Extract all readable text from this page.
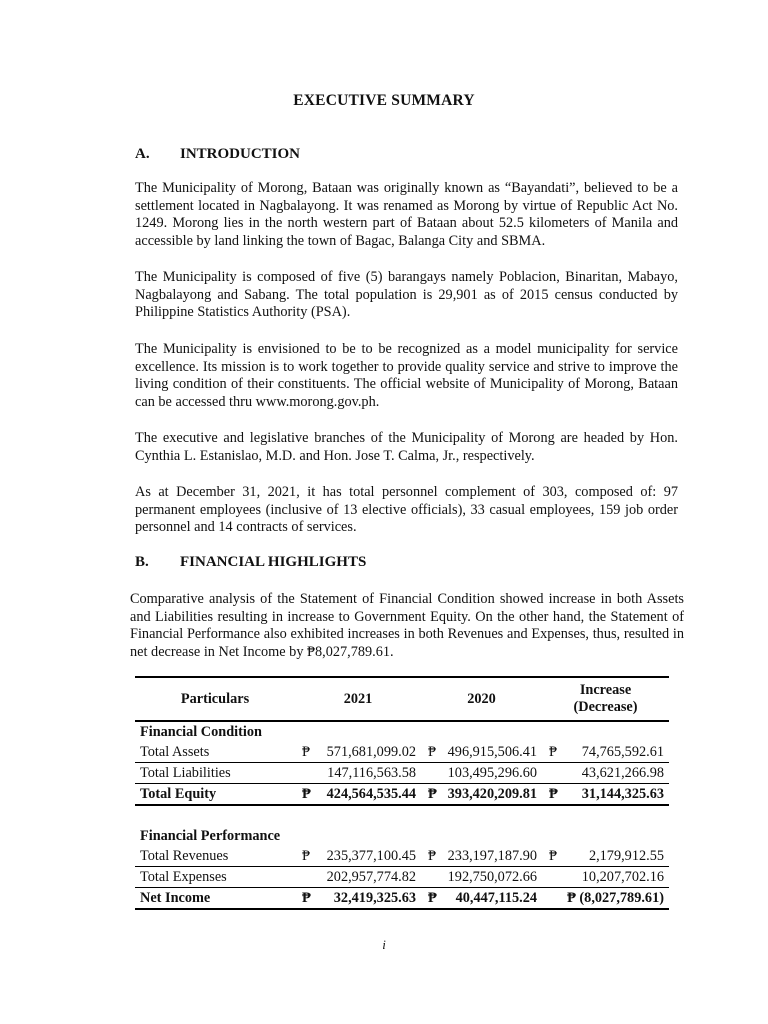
EXECUTIVE SUMMARY
A. INTRODUCTION

The Municipality of Morong, Bataan was originally known as “Bayandati”, believed to be a settlement located in Nagbalayong. It was renamed as Morong by virtue of Republic Act No. 1249. Morong lies in the north western part of Bataan about 52.5 kilometers of Manila and accessible by land linking the town of Bagac, Balanga City and SBMA.

The Municipality is composed of five (5) barangays namely Poblacion, Binaritan, Mabayo, Nagbalayong and Sabang. The total population is 29,901 as of 2015 census conducted by Philippine Statistics Authority (PSA).

The Municipality is envisioned to be to be recognized as a model municipality for service excellence. Its mission is to work together to provide quality service and strive to improve the living condition of their constituents. The official website of Municipality of Morong, Bataan can be accessed thru www.morong.gov.ph.

The executive and legislative branches of the Municipality of Morong are headed by Hon. Cynthia L. Estanislao, M.D. and Hon. Jose T. Calma, Jr., respectively.

As at December 31, 2021, it has total personnel complement of 303, composed of: 97 permanent employees (inclusive of 13 elective officials), 33 casual employees, 159 job order personnel and 14 contracts of services.

B. FINANCIAL HIGHLIGHTS

Comparative analysis of the Statement of Financial Condition showed increase in both Assets and Liabilities resulting in increase to Government Equity. On the other hand, the Statement of Financial Performance also exhibited increases in both Revenues and Expenses, thus, resulted in net decrease in Net Income by ₱8,027,789.61.

Particulars	2021	2020	Increase
(Decrease)
Financial Condition			
Total Assets	₱ 571,681,099.02	₱ 496,915,506.41	₱ 74,765,592.61

Total Liabilities	147,116,563.58	103,495,296.60	43,621,266.98
Total Equity	₱ 424,564,535.44	₱ 393,420,209.81	₱ 31,144,325.63

Financial Performance			
Total Revenues	₱ 235,377,100.45	₱ 233,197,187.90	₱ 2,179,912.55

Total Expenses	202,957,774.82	192,750,072.66	10,207,702.16
Net Income	₱ 32,419,325.63	₱ 40,447,115.24	₱ (8,027,789.61)
i
